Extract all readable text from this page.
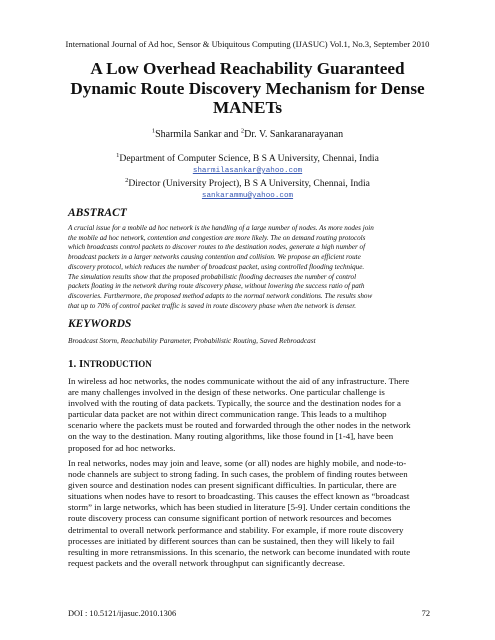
International Journal of Ad hoc, Sensor & Ubiquitous Computing (IJASUC) Vol.1, No.3, September 2010
A Low Overhead Reachability Guaranteed
Dynamic Route Discovery Mechanism for Dense
MANETs
$^1$Sharmila Sankar and $^2$Dr. V. Sankaranarayanan
$^1$Department of Computer Science, B S A University, Chennai, India
sharmilasankar@yahoo.com
$^2$Director (University Project), B S A University, Chennai, India
sankarammu@yahoo.com
ABSTRACT
A crucial issue for a mobile ad hoc network is the handling of a large number of nodes. As more nodes join
the mobile ad hoc network, contention and congestion are more likely. The on demand routing protocols
which broadcasts control packets to discover routes to the destination nodes, generate a high number of
broadcast packets in a larger networks causing contention and collision. We propose an efficient route
discovery protocol, which reduces the number of broadcast packet, using controlled flooding technique.
The simulation results show that the proposed probabilistic flooding decreases the number of control
packets floating in the network during route discovery phase, without lowering the success ratio of path
discoveries. Furthermore, the proposed method adapts to the normal network conditions. The results show
that up to 70% of control packet traffic is saved in route discovery phase when the network is denser.
KEYWORDS
Broadcast Storm, Reachability Parameter, Probabilistic Routing, Saved Rebroadcast
1. INTRODUCTION
In wireless ad hoc networks, the nodes communicate without the aid of any infrastructure. There
are many challenges involved in the design of these networks. One particular challenge is
involved with the routing of data packets. Typically, the source and the destination nodes for a
particular data packet are not within direct communication range. This leads to a multihop
scenario where the packets must be routed and forwarded through the other nodes in the network
on the way to the destination. Many routing algorithms, like those found in [1-4], have been
proposed for ad hoc networks.
In real networks, nodes may join and leave, some (or all) nodes are highly mobile, and node-to-
node channels are subject to strong fading. In such cases, the problem of finding routes between
given source and destination nodes can present significant difficulties. In particular, there are
situations when nodes have to resort to broadcasting. This causes the effect known as “broadcast
storm” in large networks, which has been studied in literature [5-9]. Under certain conditions the
route discovery process can consume significant portion of network resources and becomes
detrimental to overall network performance and stability. For example, if more route discovery
processes are initiated by different sources than can be sustained, then they will likely to fail
resulting in more retransmissions. In this scenario, the network can become inundated with route
request packets and the overall network throughput can significantly decrease.
DOI : 10.5121/ijasuc.2010.1306	72
